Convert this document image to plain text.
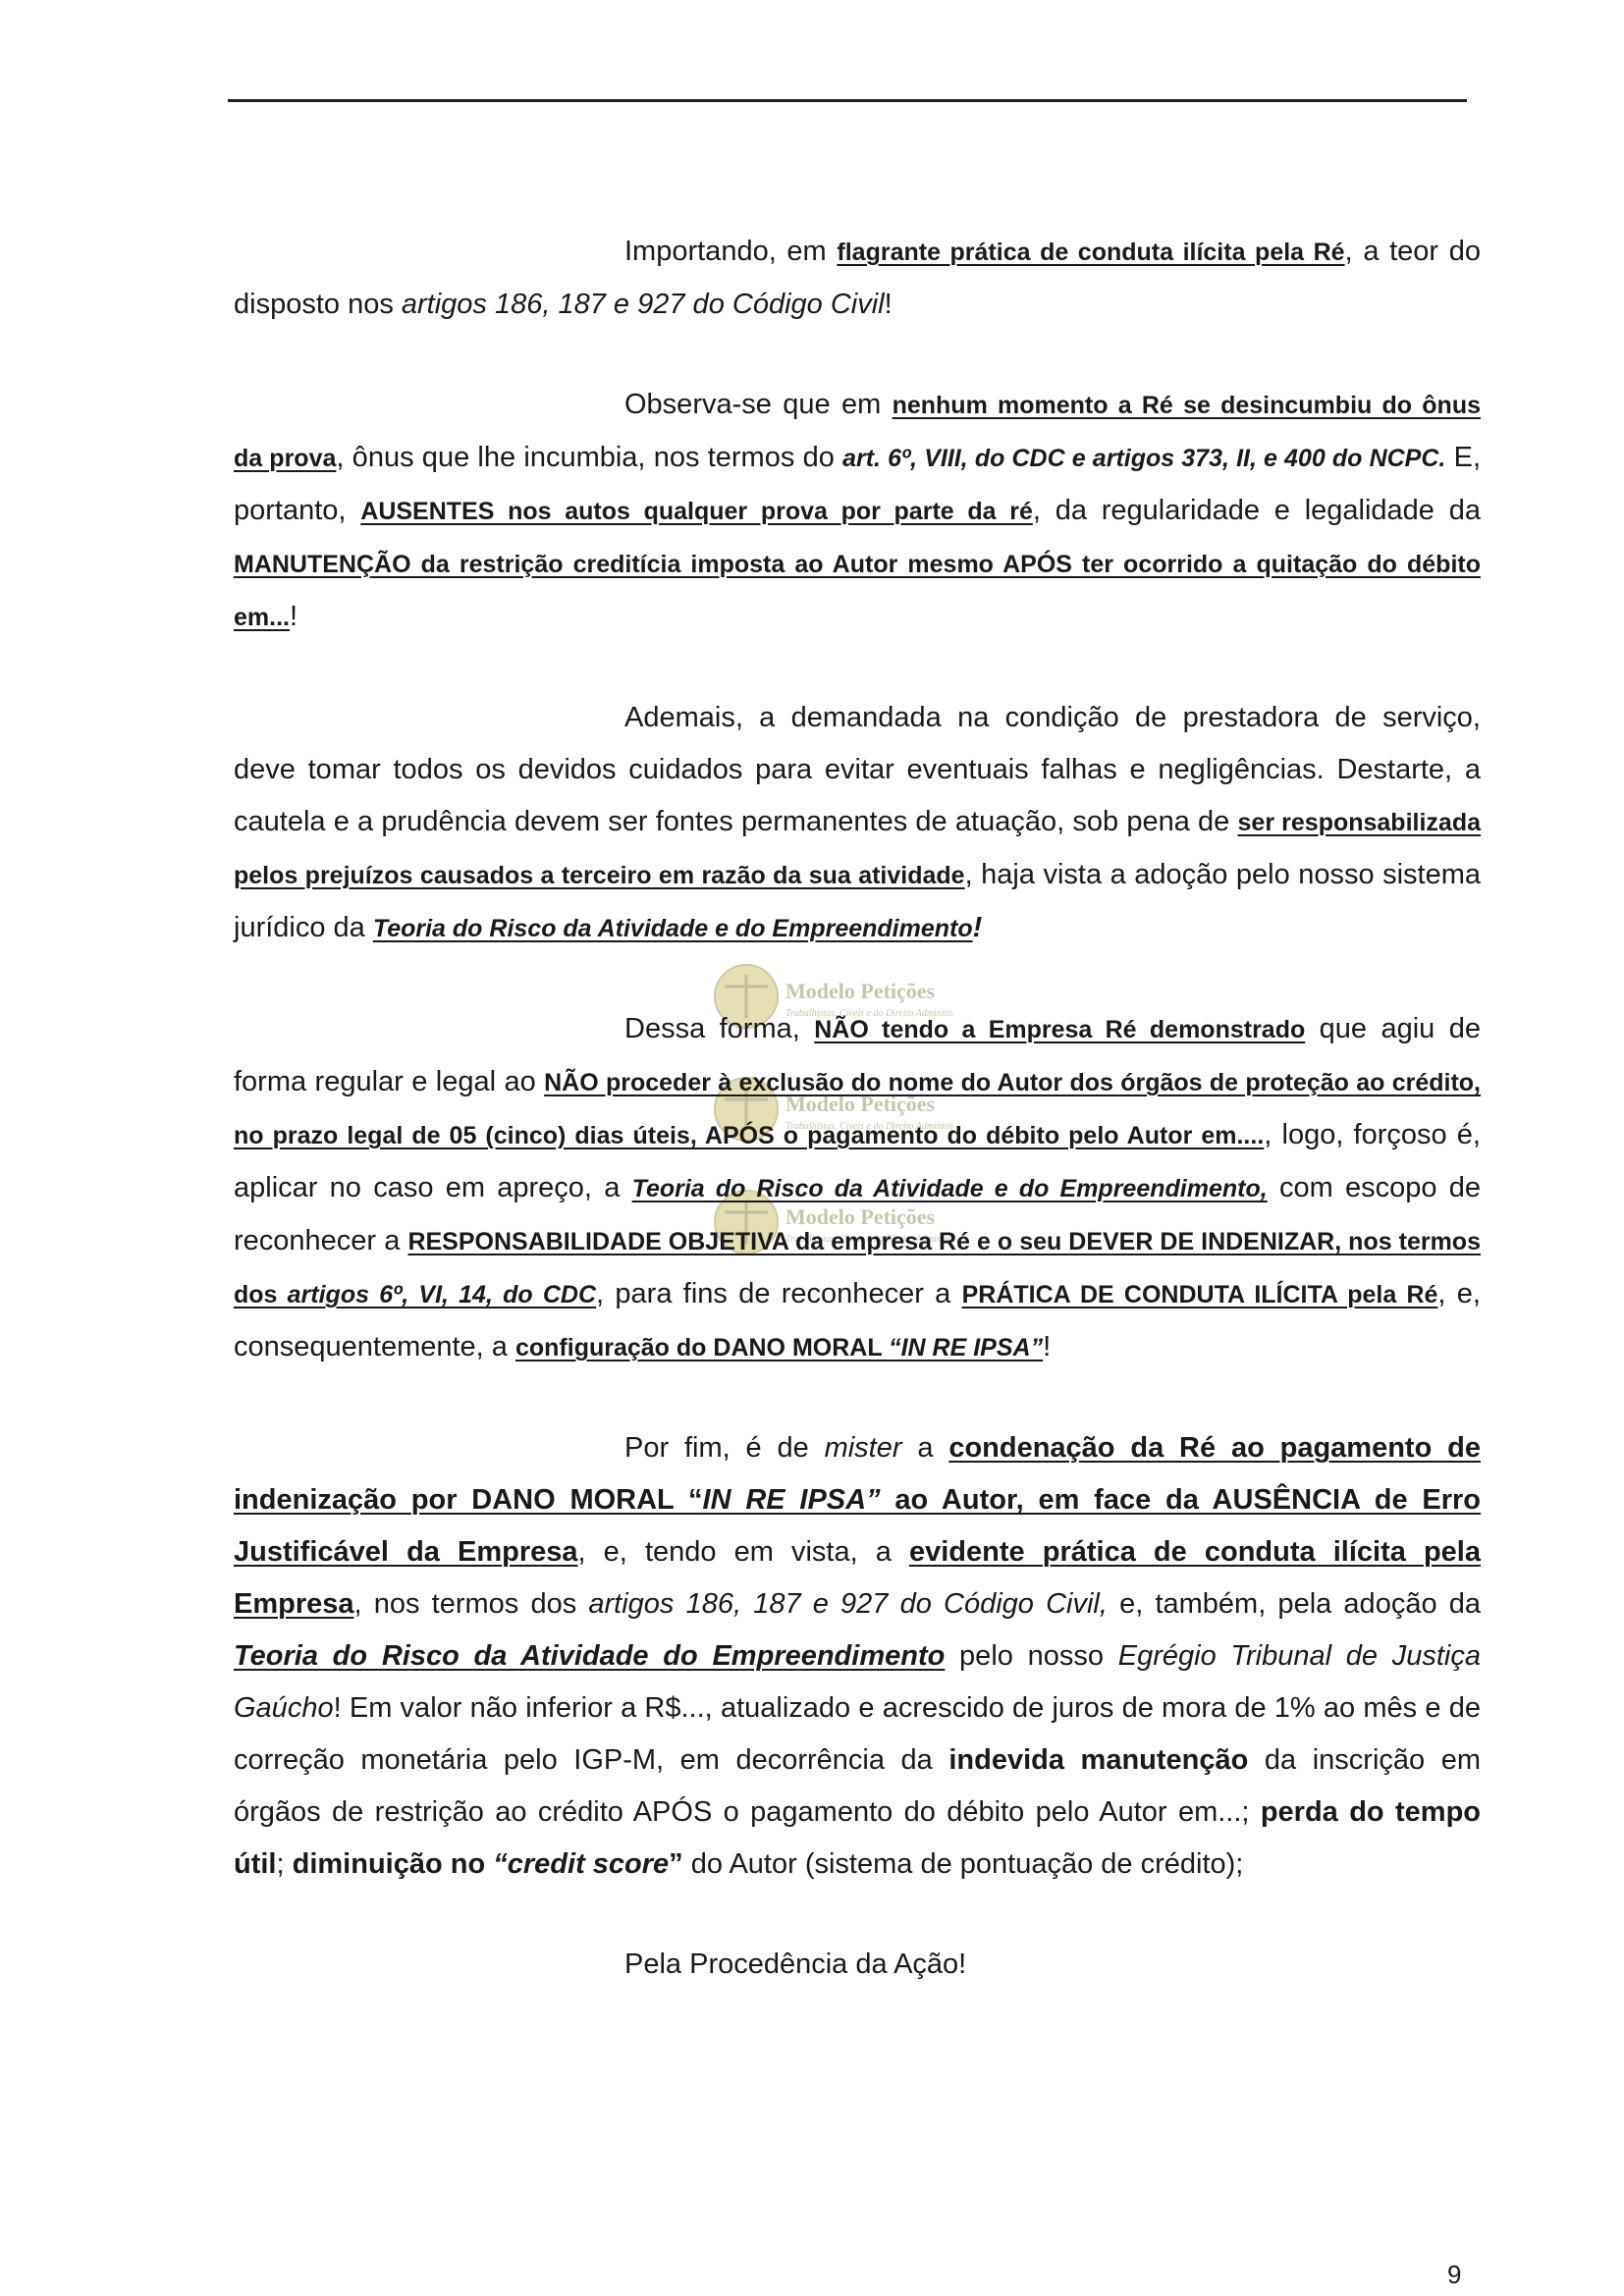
Modelo Petições
Trabalhistas, Cíveis e do Direito Administ
Modelo Petições
Trabalhistas, Cíveis e do Direito Administ
Modelo Petições
Trabalhistas, Cíveis e do Direito Administ

Importando, em flagrante prática de conduta ilícita pela Ré, a teor do disposto nos artigos 186, 187 e 927 do Código Civil!

Observa-se que em nenhum momento a Ré se desincumbiu do ônus da prova, ônus que lhe incumbia, nos termos do art. 6º, VIII, do CDC e artigos 373, II, e 400 do NCPC. E, portanto, AUSENTES nos autos qualquer prova por parte da ré, da regularidade e legalidade da MANUTENÇÃO da restrição creditícia imposta ao Autor mesmo APÓS ter ocorrido a quitação do débito em...!

Ademais, a demandada na condição de prestadora de serviço, deve tomar todos os devidos cuidados para evitar eventuais falhas e negligências. Destarte, a cautela e a prudência devem ser fontes permanentes de atuação, sob pena de ser responsabilizada pelos prejuízos causados a terceiro em razão da sua atividade, haja vista a adoção pelo nosso sistema jurídico da Teoria do Risco da Atividade e do Empreendimento!

Dessa forma, NÃO tendo a Empresa Ré demonstrado que agiu de forma regular e legal ao NÃO proceder à exclusão do nome do Autor dos órgãos de proteção ao crédito, no prazo legal de 05 (cinco) dias úteis, APÓS o pagamento do débito pelo Autor em...., logo, forçoso é, aplicar no caso em apreço, a Teoria do Risco da Atividade e do Empreendimento, com escopo de reconhecer a RESPONSABILIDADE OBJETIVA da empresa Ré e o seu DEVER DE INDENIZAR, nos termos dos artigos 6º, VI, 14, do CDC, para fins de reconhecer a PRÁTICA DE CONDUTA ILÍCITA pela Ré, e, consequentemente, a configuração do DANO MORAL “IN RE IPSA”!

Por fim, é de mister a condenação da Ré ao pagamento de indenização por DANO MORAL “IN RE IPSA” ao Autor, em face da AUSÊNCIA de Erro Justificável da Empresa, e, tendo em vista, a evidente prática de conduta ilícita pela Empresa, nos termos dos artigos 186, 187 e 927 do Código Civil, e, também, pela adoção da Teoria do Risco da Atividade do Empreendimento pelo nosso Egrégio Tribunal de Justiça Gaúcho! Em valor não inferior a R$..., atualizado e acrescido de juros de mora de 1% ao mês e de correção monetária pelo IGP-M, em decorrência da indevida manutenção da inscrição em órgãos de restrição ao crédito APÓS o pagamento do débito pelo Autor em...; perda do tempo útil; diminuição no “credit score” do Autor (sistema de pontuação de crédito);

Pela Procedência da Ação!

9
